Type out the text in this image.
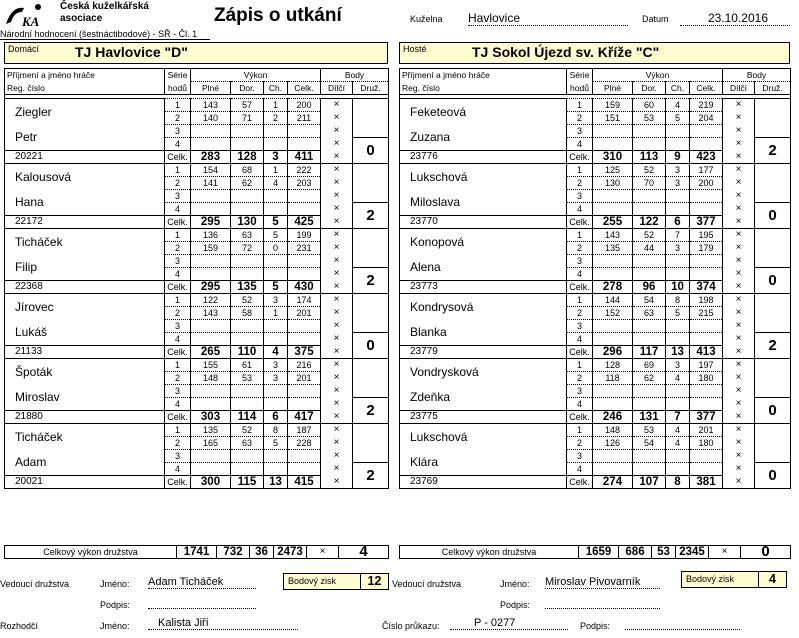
KA
Česká kuželkářská
asociace
Národní hodnocení (šestnáctibodové) - SŘ - Čl. 1
Zápis o utkání	Kuželna Havlovice	Datum	23.10.2016
Domácí	TJ Havlovice "D"	Hosté	TJ Sokol Újezd sv. Kříže "C"
Příjmení a jméno hráče	Série	Výkon				Body	
Reg. číslo	hodů	Plné	Dor.	Ch.	Celk.	Dílčí	Druž.

Ziegler	1	143	57	1	200	×	
	2	140	71	2	211	×	
Petr	3					×	
	4					×	0
20221	Celk.	283	128	3	411	×	
Kalousová	1	154	68	1	222	×	
	2	141	62	4	203	×	
Hana	3					×	
	4					×	2
22172	Celk.	295	130	5	425	×	
Ticháček	1	136	63	5	199	×	
	2	159	72	0	231	×	
Filip	3					×	
	4					×	2
22368	Celk.	295	135	5	430	×	
Jírovec	1	122	52	3	174	×	
	2	143	58	1	201	×	
Lukáš	3					×	
	4					×	0
21133	Celk.	265	110	4	375	×	
Špoták	1	155	61	3	216	×	
	2	148	53	3	201	×	
Miroslav	3					×	
	4					×	2
21880	Celk.	303	114	6	417	×	
Ticháček	1	135	52	8	187	×	
	2	165	63	5	228	×	
Adam	3					×	
	4					×	2
20021	Celk.	300	115	13	415	×	
Příjmení a jméno hráče	Série	Výkon				Body	
Reg. číslo	hodů	Plné	Dor.	Ch.	Celk.	Dílčí	Druž.

Feketeová	1	159	60	4	219	×	
	2	151	53	5	204	×	
Zuzana	3					×	
	4					×	2
23776	Celk.	310	113	9	423	×	
Lukschová	1	125	52	3	177	×	
	2	130	70	3	200	×	
Miloslava	3					×	
	4					×	0
23770	Celk.	255	122	6	377	×	
Konopová	1	143	52	7	195	×	
	2	135	44	3	179	×	
Alena	3					×	
	4					×	0
23773	Celk.	278	96	10	374	×	
Kondrysová	1	144	54	8	198	×	
	2	152	63	5	215	×	
Blanka	3					×	
	4					×	2
23779	Celk.	296	117	13	413	×	
Vondrysková	1	128	69	3	197	×	
	2	118	62	4	180	×	
Zdeňka	3					×	
	4					×	0
23775	Celk.	246	131	7	377	×	
Lukschová	1	148	53	4	201	×	
	2	126	54	4	180	×	
Klára	3					×	
	4					×	0
23769	Celk.	274	107	8	381	×	
Celkový výkon družstva	1741	732	36	2473	×	4	Celkový výkon družstva	1659	686	53	2345	×	0
Vedoucí družstva	Jméno: Adam Ticháček	Bodový zisk	12
Podpis:
Vedoucí družstva	Jméno: Miroslav Pivovarník	Bodový zisk	4
Podpis:
Rozhodčí	Jméno:	Kalista Jiří	Číslo průkazu:	P - 0277	Podpis:
